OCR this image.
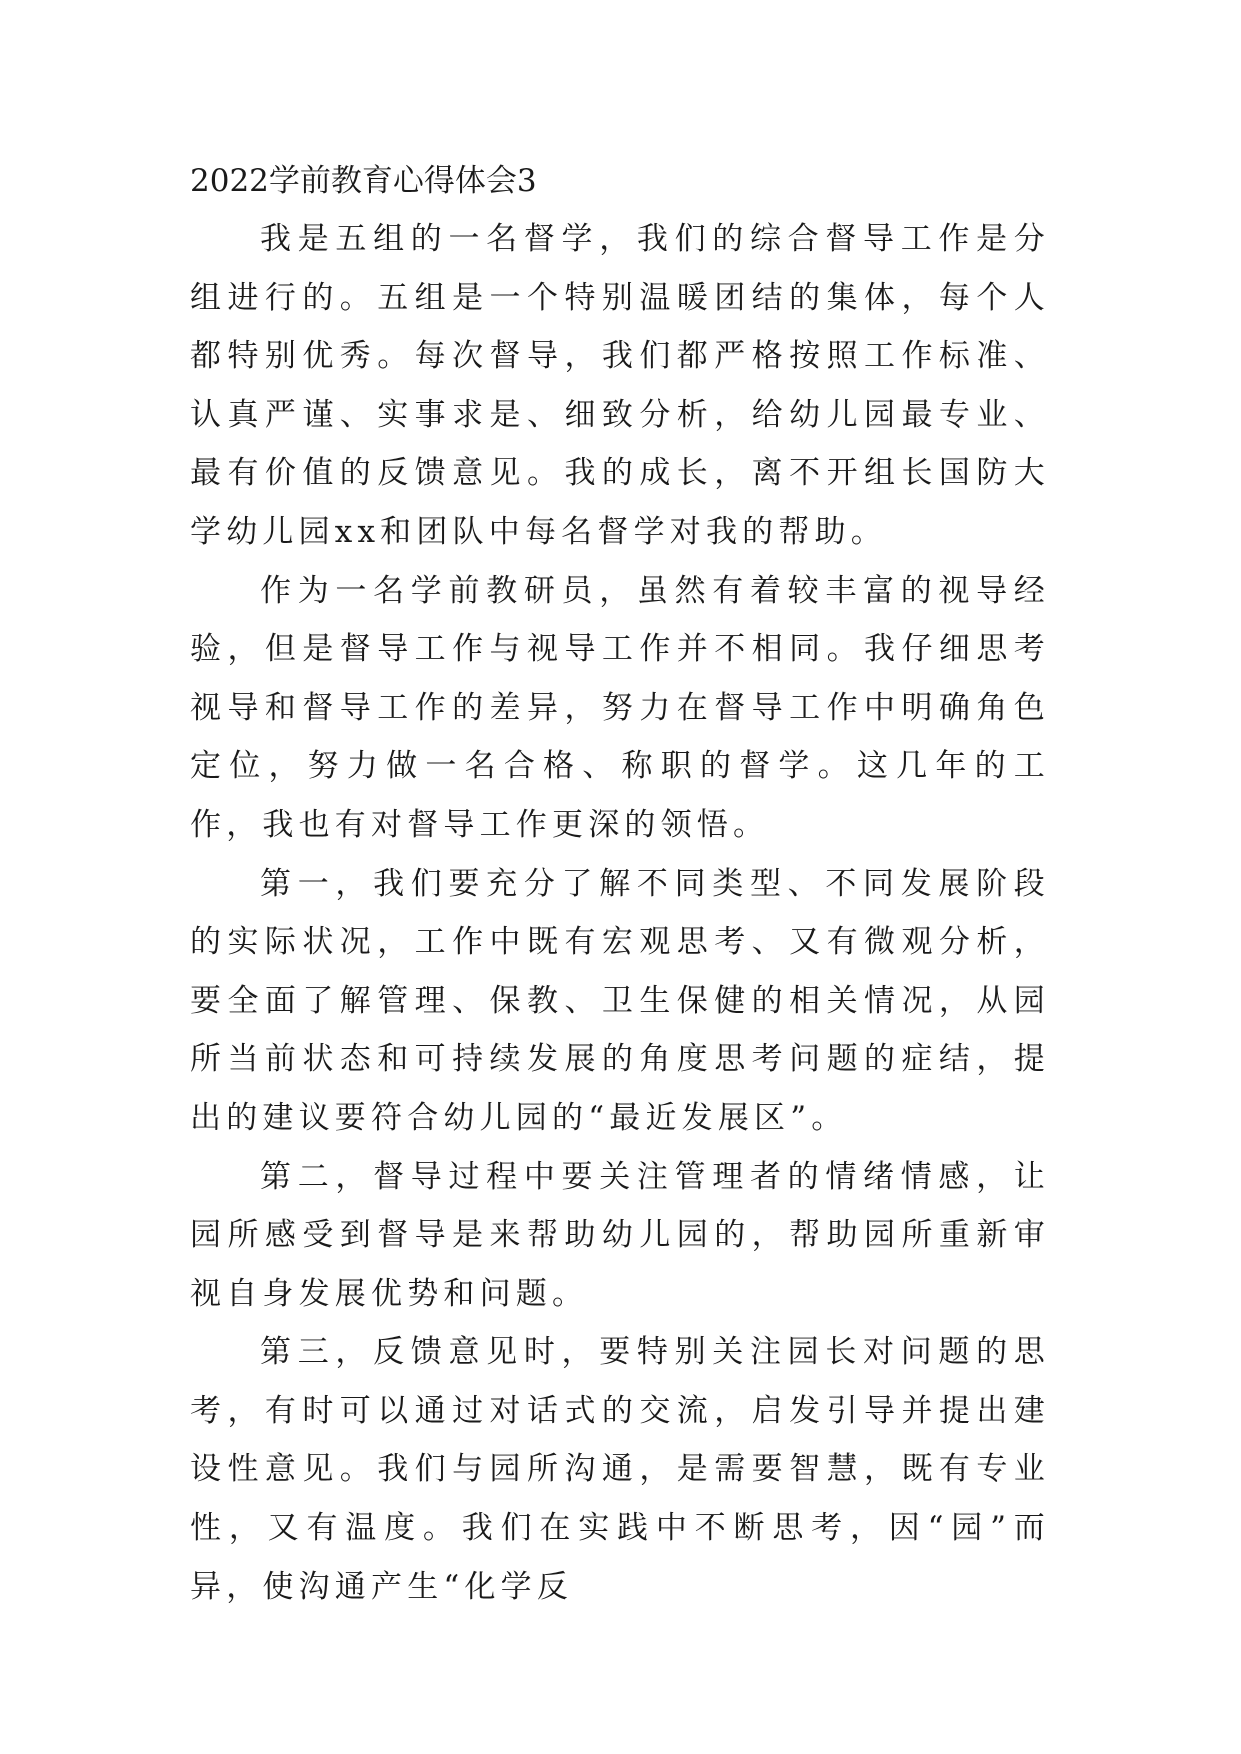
2022学前教育心得体会3

我是五组的一名督学，我们的综合督导工作是分组进行的。五组是一个特别温暖团结的集体，每个人都特别优秀。每次督导，我们都严格按照工作标准、认真严谨、实事求是、细致分析，给幼儿园最专业、最有价值的反馈意见。我的成长，离不开组长国防大学幼儿园xx和团队中每名督学对我的帮助。

作为一名学前教研员，虽然有着较丰富的视导经验，但是督导工作与视导工作并不相同。我仔细思考视导和督导工作的差异，努力在督导工作中明确角色定位，努力做一名合格、称职的督学。这几年的工作，我也有对督导工作更深的领悟。

第一，我们要充分了解不同类型、不同发展阶段的实际状况，工作中既有宏观思考、又有微观分析，要全面了解管理、保教、卫生保健的相关情况，从园所当前状态和可持续发展的角度思考问题的症结，提出的建议要符合幼儿园的“最近发展区”。

第二，督导过程中要关注管理者的情绪情感，让园所感受到督导是来帮助幼儿园的，帮助园所重新审视自身发展优势和问题。

第三，反馈意见时，要特别关注园长对问题的思考，有时可以通过对话式的交流，启发引导并提出建设性意见。我们与园所沟通，是需要智慧，既有专业性，又有温度。我们在实践中不断思考，因“园”而异，使沟通产生“化学反
